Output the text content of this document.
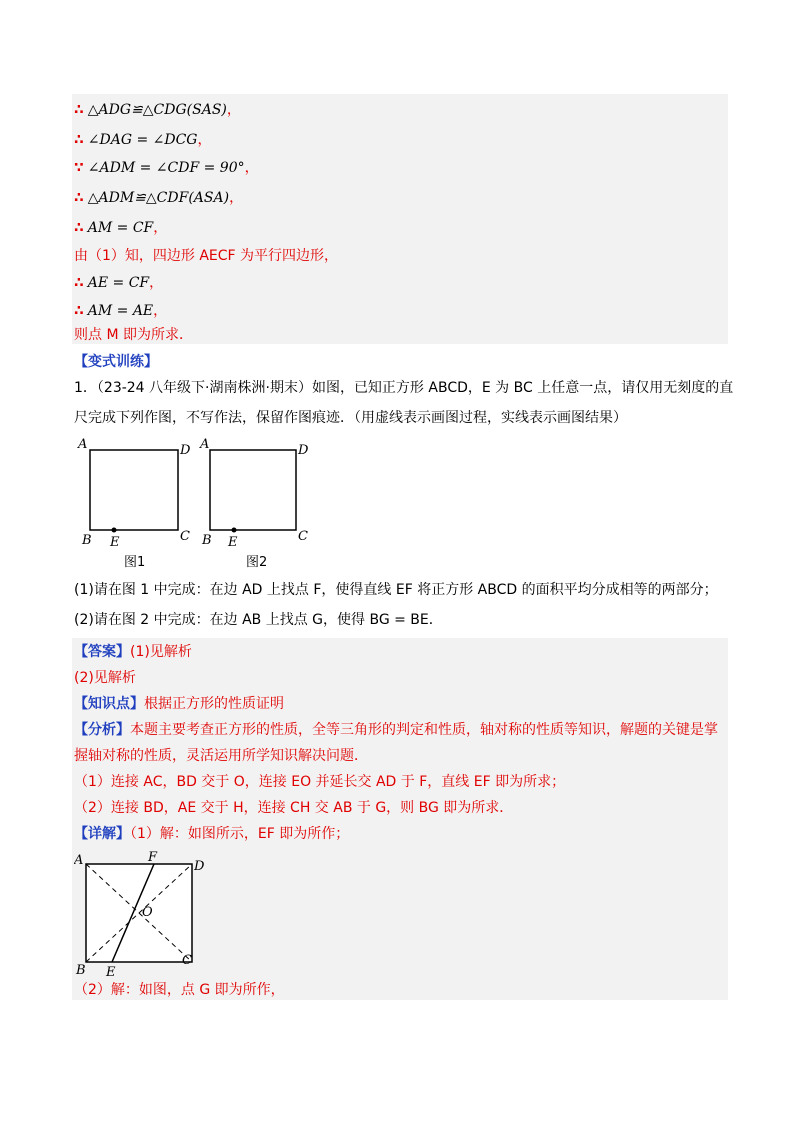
∴ △ADG≌△CDG(SAS)，
∴ ∠DAG = ∠DCG，
∵ ∠ADM = ∠CDF = 90°，
∴ △ADM≌△CDF(ASA)，
∴ AM = CF，
由（1）知，四边形 AECF 为平行四边形，
∴ AE = CF，
∴ AM = AE，
则点 M 即为所求．
【变式训练】
1．（23-24 八年级下·湖南株洲·期末）如图，已知正方形 ABCD，E 为 BC 上任意一点，请仅用无刻度的直
尺完成下列作图，不写作法，保留作图痕迹．（用虚线表示画图过程，实线表示画图结果）
A	D
B E	C
图1
A	D
B E	C
图2
(1)请在图 1 中完成：在边 AD 上找点 F，使得直线 EF 将正方形 ABCD 的面积平均分成相等的两部分；
(2)请在图 2 中完成：在边 AB 上找点 G，使得 BG = BE．
【答案】(1)见解析
(2)见解析
【知识点】根据正方形的性质证明
【分析】本题主要考查正方形的性质，全等三角形的判定和性质，轴对称的性质等知识，解题的关键是掌
握轴对称的性质，灵活运用所学知识解决问题．
（1）连接 AC，BD 交于 O，连接 EO 并延长交 AD 于 F，直线 EF 即为所求；
（2）连接 BD，AE 交于 H，连接 CH 交 AB 于 G，则 BG 即为所求．
【详解】（1）解：如图所示，EF 即为所作；
A	F
D
O
B E
C
（2）解：如图，点 G 即为所作，
